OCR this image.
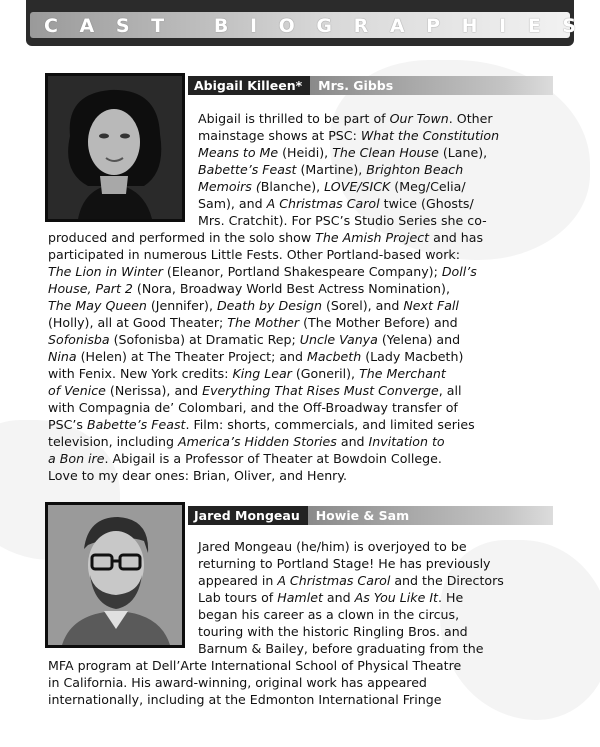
CAST BIOGRAPHIES
Abigail Killeen*	Mrs. Gibbs
Abigail is thrilled to be part of Our Town. Other
mainstage shows at PSC: What the Constitution
Means to Me (Heidi), The Clean House (Lane),
Babette’s Feast (Martine), Brighton Beach
Memoirs (Blanche), LOVE/SICK (Meg/Celia/
Sam), and A Christmas Carol twice (Ghosts/
Mrs. Cratchit). For PSC’s Studio Series she co-
produced and performed in the solo show The Amish Project and has
participated in numerous Little Fests. Other Portland-based work:
The Lion in Winter (Eleanor, Portland Shakespeare Company); Doll’s
House, Part 2 (Nora, Broadway World Best Actress Nomination),
The May Queen (Jennifer), Death by Design (Sorel), and Next Fall
(Holly), all at Good Theater; The Mother (The Mother Before) and
Sofonisba (Sofonisba) at Dramatic Rep; Uncle Vanya (Yelena) and
Nina (Helen) at The Theater Project; and Macbeth (Lady Macbeth)
with Fenix. New York credits: King Lear (Goneril), The Merchant
of Venice (Nerissa), and Everything That Rises Must Converge, all
with Compagnia de’ Colombari, and the Off-Broadway transfer of
PSC’s Babette’s Feast. Film: shorts, commercials, and limited series
television, including America’s Hidden Stories and Invitation to
a Bon ire. Abigail is a Professor of Theater at Bowdoin College.
Love to my dear ones: Brian, Oliver, and Henry.
Jared Mongeau	Howie & Sam
Jared Mongeau (he/him) is overjoyed to be
returning to Portland Stage! He has previously
appeared in A Christmas Carol and the Directors
Lab tours of Hamlet and As You Like It. He
began his career as a clown in the circus,
touring with the historic Ringling Bros. and
Barnum & Bailey, before graduating from the
MFA program at Dell’Arte International School of Physical Theatre
in California. His award-winning, original work has appeared
internationally, including at the Edmonton International Fringe
